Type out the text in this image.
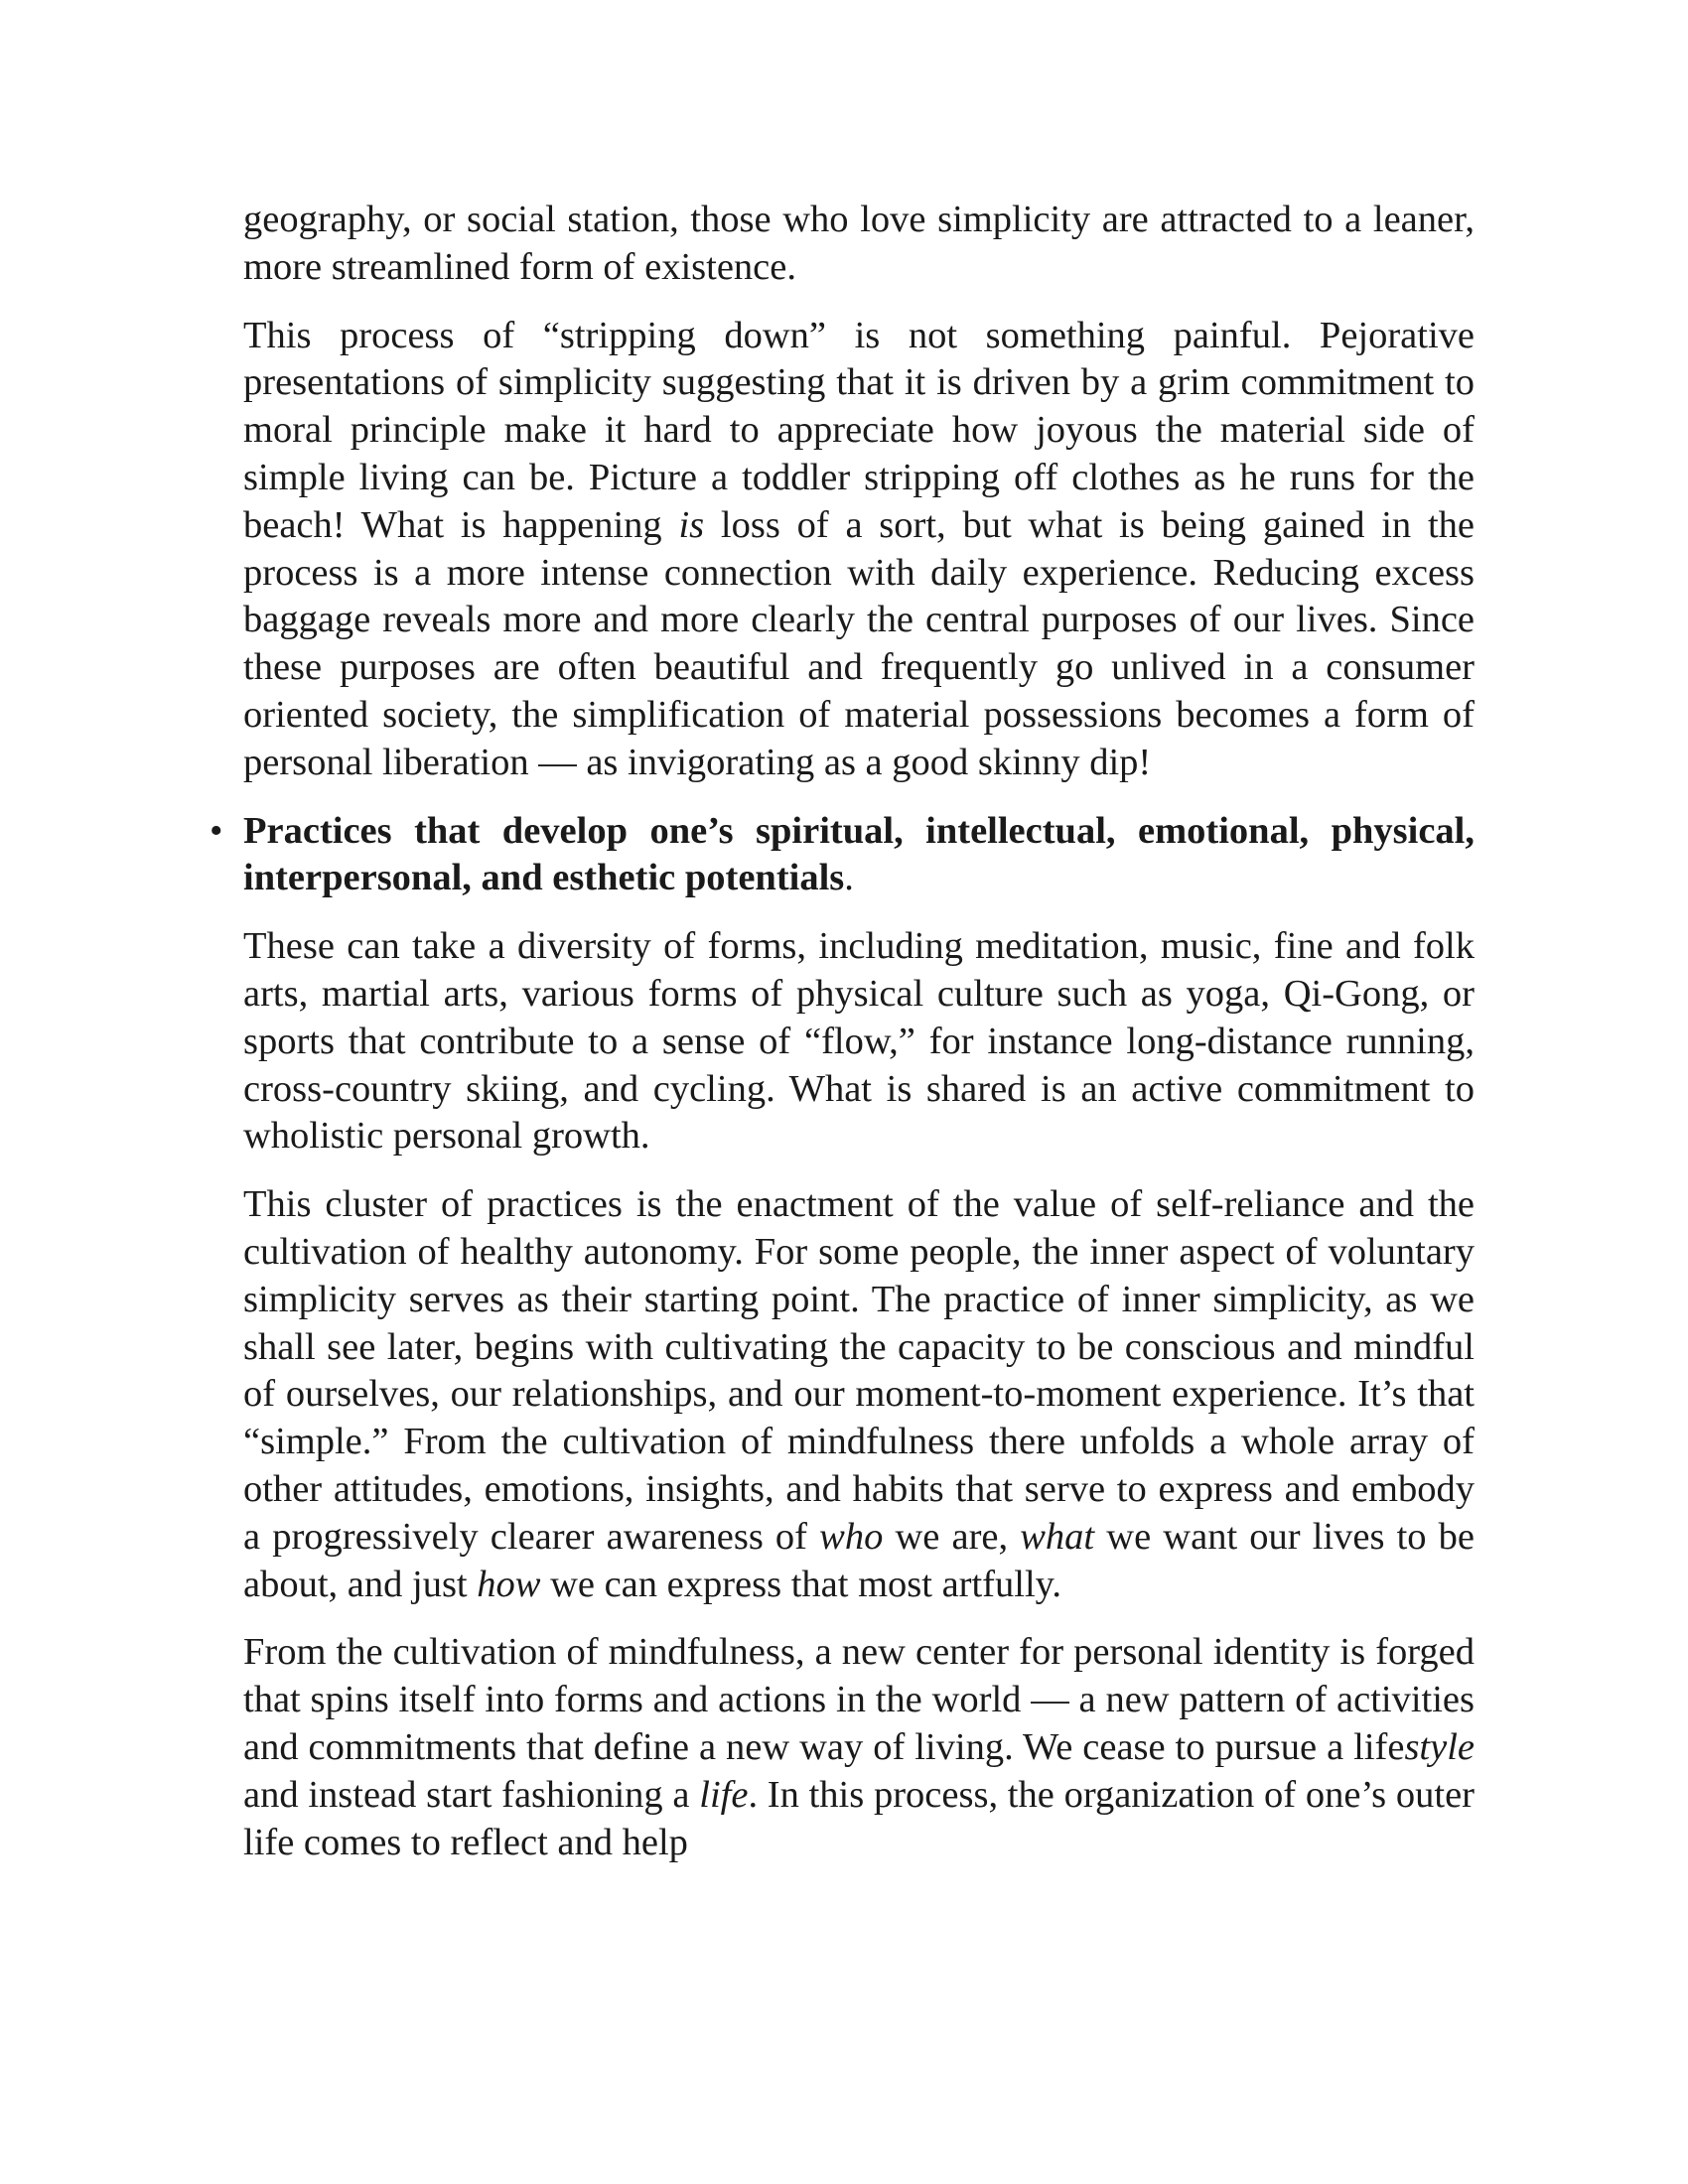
geography, or social station, those who love simplicity are attracted to a leaner, more streamlined form of existence.

This process of “stripping down” is not something painful. Pejorative presentations of simplicity suggesting that it is driven by a grim commitment to moral principle make it hard to appreciate how joyous the material side of simple living can be. Picture a toddler stripping off clothes as he runs for the beach! What is happening is loss of a sort, but what is being gained in the process is a more intense connection with daily experience. Reducing excess baggage reveals more and more clearly the central purposes of our lives. Since these purposes are often beautiful and frequently go unlived in a consumer oriented society, the simplification of material possessions becomes a form of personal liberation — as invigorating as a good skinny dip!

• Practices that develop one’s spiritual, intellectual, emotional, physical, interpersonal, and esthetic potentials.

These can take a diversity of forms, including meditation, music, fine and folk arts, martial arts, various forms of physical culture such as yoga, Qi-Gong, or sports that contribute to a sense of “flow,” for instance long-distance running, cross-country skiing, and cycling. What is shared is an active commitment to wholistic personal growth.

This cluster of practices is the enactment of the value of self-reliance and the cultivation of healthy autonomy. For some people, the inner aspect of voluntary simplicity serves as their starting point. The practice of inner simplicity, as we shall see later, begins with cultivating the capacity to be conscious and mindful of ourselves, our relationships, and our moment-to-moment experience. It’s that “simple.” From the cultivation of mindfulness there unfolds a whole array of other attitudes, emotions, insights, and habits that serve to express and embody a progressively clearer awareness of who we are, what we want our lives to be about, and just how we can express that most artfully.

From the cultivation of mindfulness, a new center for personal identity is forged that spins itself into forms and actions in the world — a new pattern of activities and commitments that define a new way of living. We cease to pursue a lifestyle and instead start fashioning a life. In this process, the organization of one’s outer life comes to reflect and help
